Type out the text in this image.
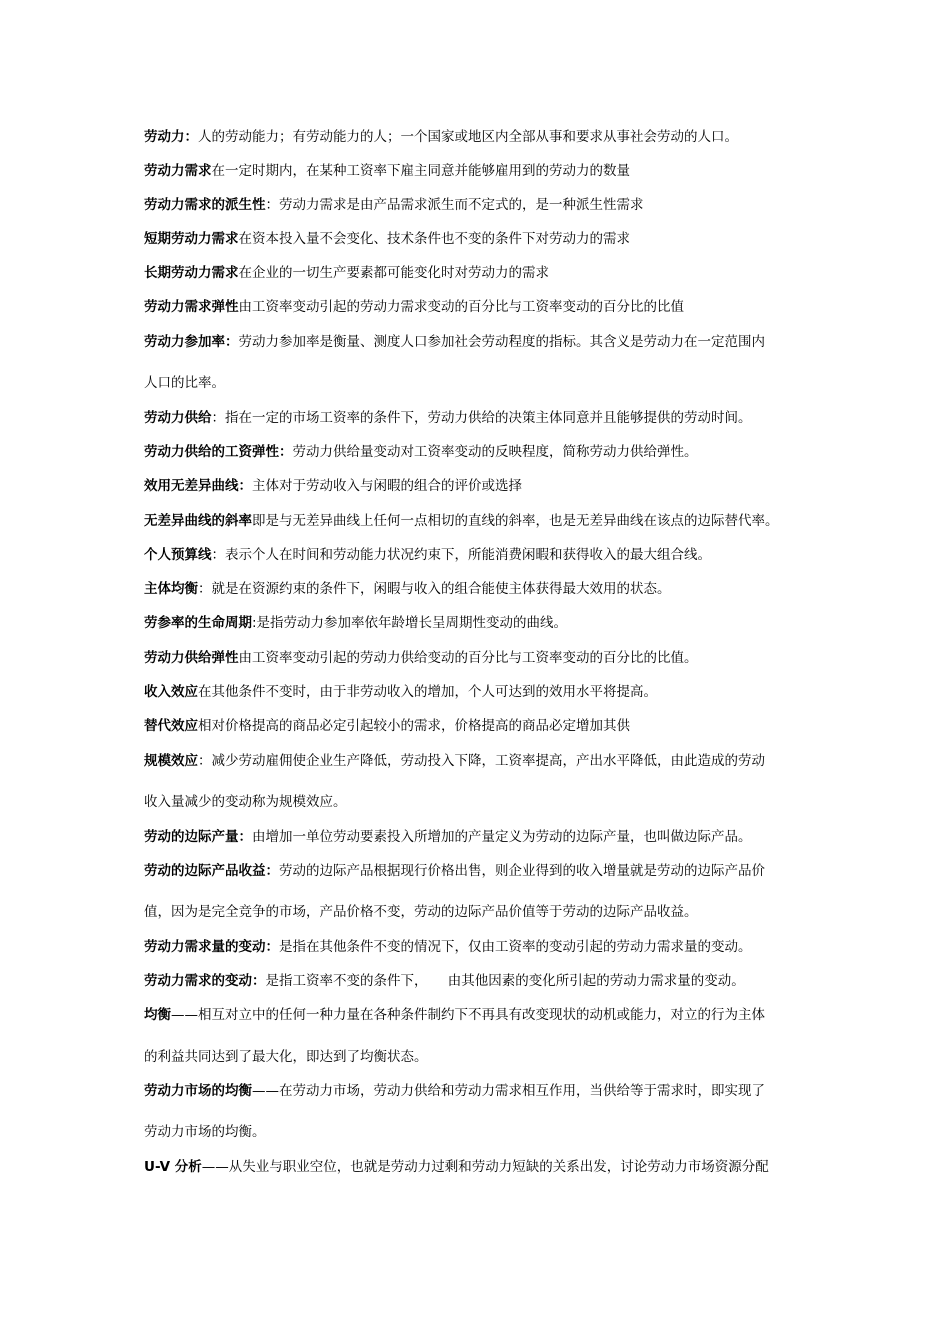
劳动力：人的劳动能力；有劳动能力的人；一个国家或地区内全部从事和要求从事社会劳动的人口。
劳动力需求在一定时期内，在某种工资率下雇主同意并能够雇用到的劳动力的数量
劳动力需求的派生性：劳动力需求是由产品需求派生而不定式的，是一种派生性需求
短期劳动力需求在资本投入量不会变化、技术条件也不变的条件下对劳动力的需求
长期劳动力需求在企业的一切生产要素都可能变化时对劳动力的需求
劳动力需求弹性由工资率变动引起的劳动力需求变动的百分比与工资率变动的百分比的比值
劳动力参加率：劳动力参加率是衡量、测度人口参加社会劳动程度的指标。其含义是劳动力在一定范围内
人口的比率。
劳动力供给：指在一定的市场工资率的条件下，劳动力供给的决策主体同意并且能够提供的劳动时间。
劳动力供给的工资弹性：劳动力供给量变动对工资率变动的反映程度，简称劳动力供给弹性。
效用无差异曲线：主体对于劳动收入与闲暇的组合的评价或选择
无差异曲线的斜率即是与无差异曲线上任何一点相切的直线的斜率，也是无差异曲线在该点的边际替代率。
个人预算线：表示个人在时间和劳动能力状况约束下，所能消费闲暇和获得收入的最大组合线。
主体均衡：就是在资源约束的条件下，闲暇与收入的组合能使主体获得最大效用的状态。
劳参率的生命周期:是指劳动力参加率依年龄增长呈周期性变动的曲线。
劳动力供给弹性由工资率变动引起的劳动力供给变动的百分比与工资率变动的百分比的比值。
收入效应在其他条件不变时，由于非劳动收入的增加，个人可达到的效用水平将提高。
替代效应相对价格提高的商品必定引起较小的需求，价格提高的商品必定增加其供
规模效应：减少劳动雇佣使企业生产降低，劳动投入下降，工资率提高，产出水平降低，由此造成的劳动
收入量减少的变动称为规模效应。
劳动的边际产量：由增加一单位劳动要素投入所增加的产量定义为劳动的边际产量，也叫做边际产品。
劳动的边际产品收益：劳动的边际产品根据现行价格出售，则企业得到的收入增量就是劳动的边际产品价
值，因为是完全竞争的市场，产品价格不变，劳动的边际产品价值等于劳动的边际产品收益。
劳动力需求量的变动：是指在其他条件不变的情况下，仅由工资率的变动引起的劳动力需求量的变动。
劳动力需求的变动：是指工资率不变的条件下，　　由其他因素的变化所引起的劳动力需求量的变动。
均衡——相互对立中的任何一种力量在各种条件制约下不再具有改变现状的动机或能力，对立的行为主体
的利益共同达到了最大化，即达到了均衡状态。
劳动力市场的均衡——在劳动力市场，劳动力供给和劳动力需求相互作用，当供给等于需求时，即实现了
劳动力市场的均衡。
U-V 分析——从失业与职业空位，也就是劳动力过剩和劳动力短缺的关系出发，讨论劳动力市场资源分配
